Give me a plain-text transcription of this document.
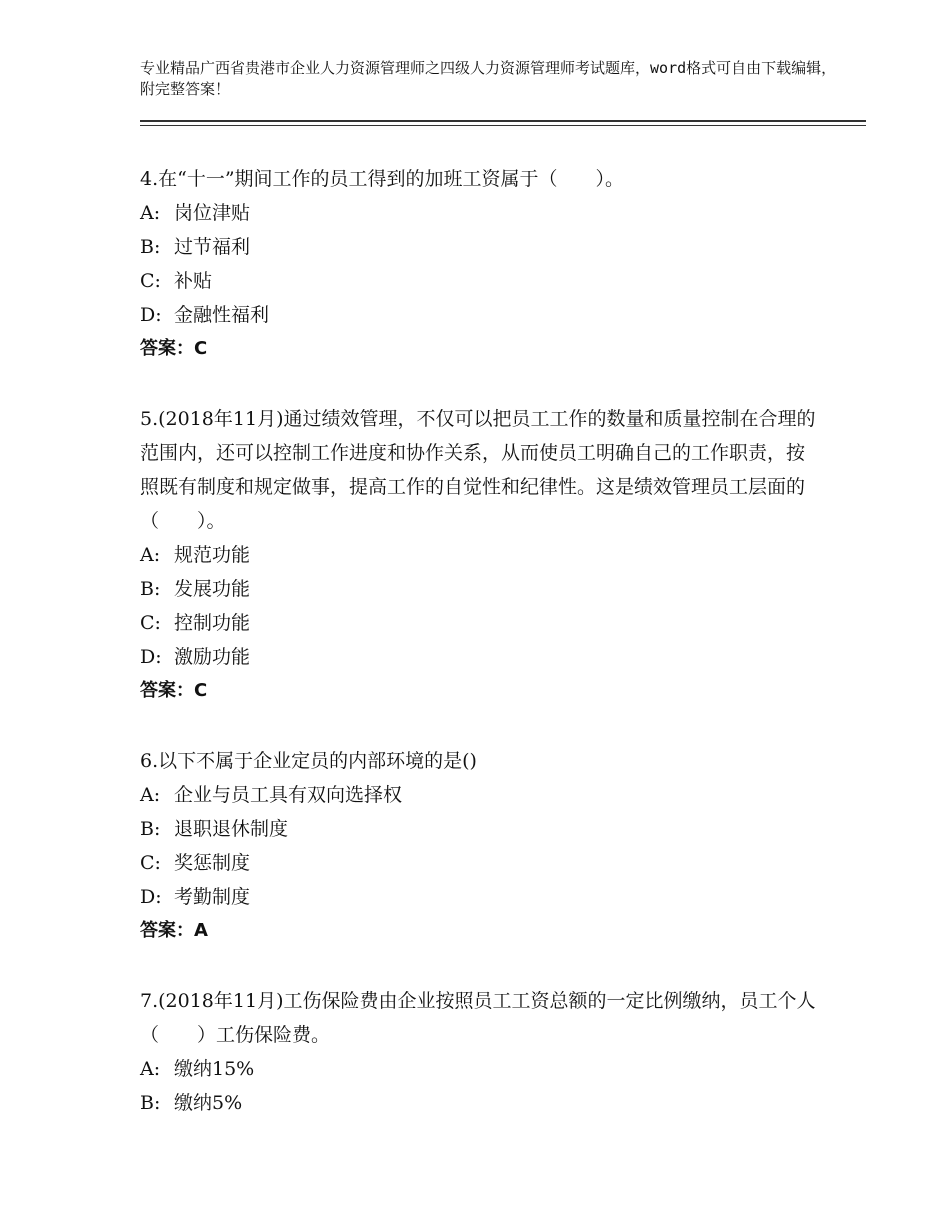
专业精品广西省贵港市企业人力资源管理师之四级人力资源管理师考试题库，word格式可自由下载编辑，附完整答案！

4.在“十一”期间工作的员工得到的加班工资属于（　　）。

A: 岗位津贴

B: 过节福利

C: 补贴

D: 金融性福利

答案：C

5.(2018年11月)通过绩效管理，不仅可以把员工工作的数量和质量控制在合理的范围内，还可以控制工作进度和协作关系，从而使员工明确自己的工作职责，按照既有制度和规定做事，提高工作的自觉性和纪律性。这是绩效管理员工层面的（　　）。

A: 规范功能

B: 发展功能

C: 控制功能

D: 激励功能

答案：C

6.以下不属于企业定员的内部环境的是()

A: 企业与员工具有双向选择权

B: 退职退休制度

C: 奖惩制度

D: 考勤制度

答案：A

7.(2018年11月)工伤保险费由企业按照员工工资总额的一定比例缴纳，员工个人（　　）工伤保险费。

A: 缴纳15%

B: 缴纳5%
